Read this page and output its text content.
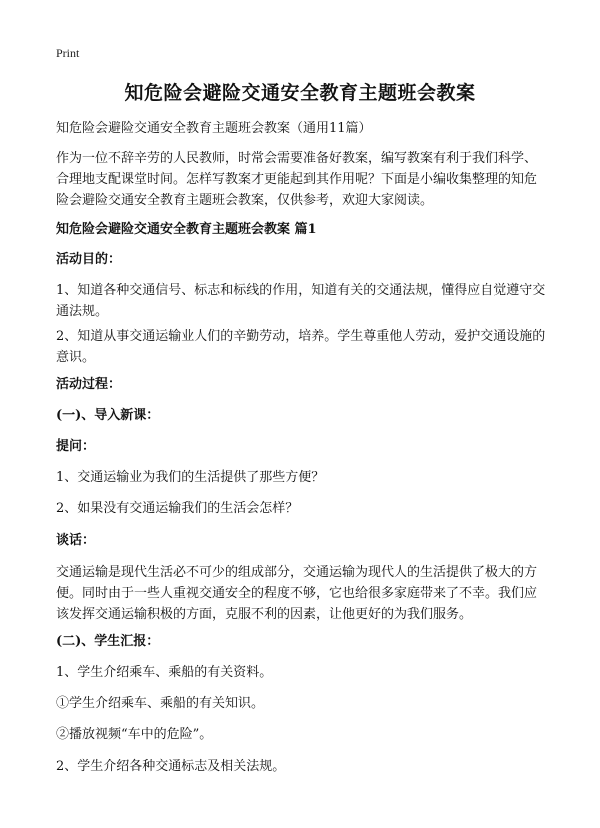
Print
知危险会避险交通安全教育主题班会教案

知危险会避险交通安全教育主题班会教案（通用11篇）

作为一位不辞辛劳的人民教师，时常会需要准备好教案，编写教案有利于我们科学、合理地支配课堂时间。怎样写教案才更能起到其作用呢？下面是小编收集整理的知危险会避险交通安全教育主题班会教案，仅供参考，欢迎大家阅读。

知危险会避险交通安全教育主题班会教案 篇1

活动目的：

1、知道各种交通信号、标志和标线的作用，知道有关的交通法规，懂得应自觉遵守交通法规。

2、知道从事交通运输业人们的辛勤劳动，培养。学生尊重他人劳动，爱护交通设施的意识。

活动过程：

(一)、导入新课：

提问：

1、交通运输业为我们的生活提供了那些方便？

2、如果没有交通运输我们的生活会怎样？

谈话：

交通运输是现代生活必不可少的组成部分，交通运输为现代人的生活提供了极大的方便。同时由于一些人重视交通安全的程度不够，它也给很多家庭带来了不幸。我们应该发挥交通运输积极的方面，克服不利的因素，让他更好的为我们服务。

(二)、学生汇报：

1、学生介绍乘车、乘船的有关资料。

①学生介绍乘车、乘船的有关知识。

②播放视频“车中的危险”。

2、学生介绍各种交通标志及相关法规。
